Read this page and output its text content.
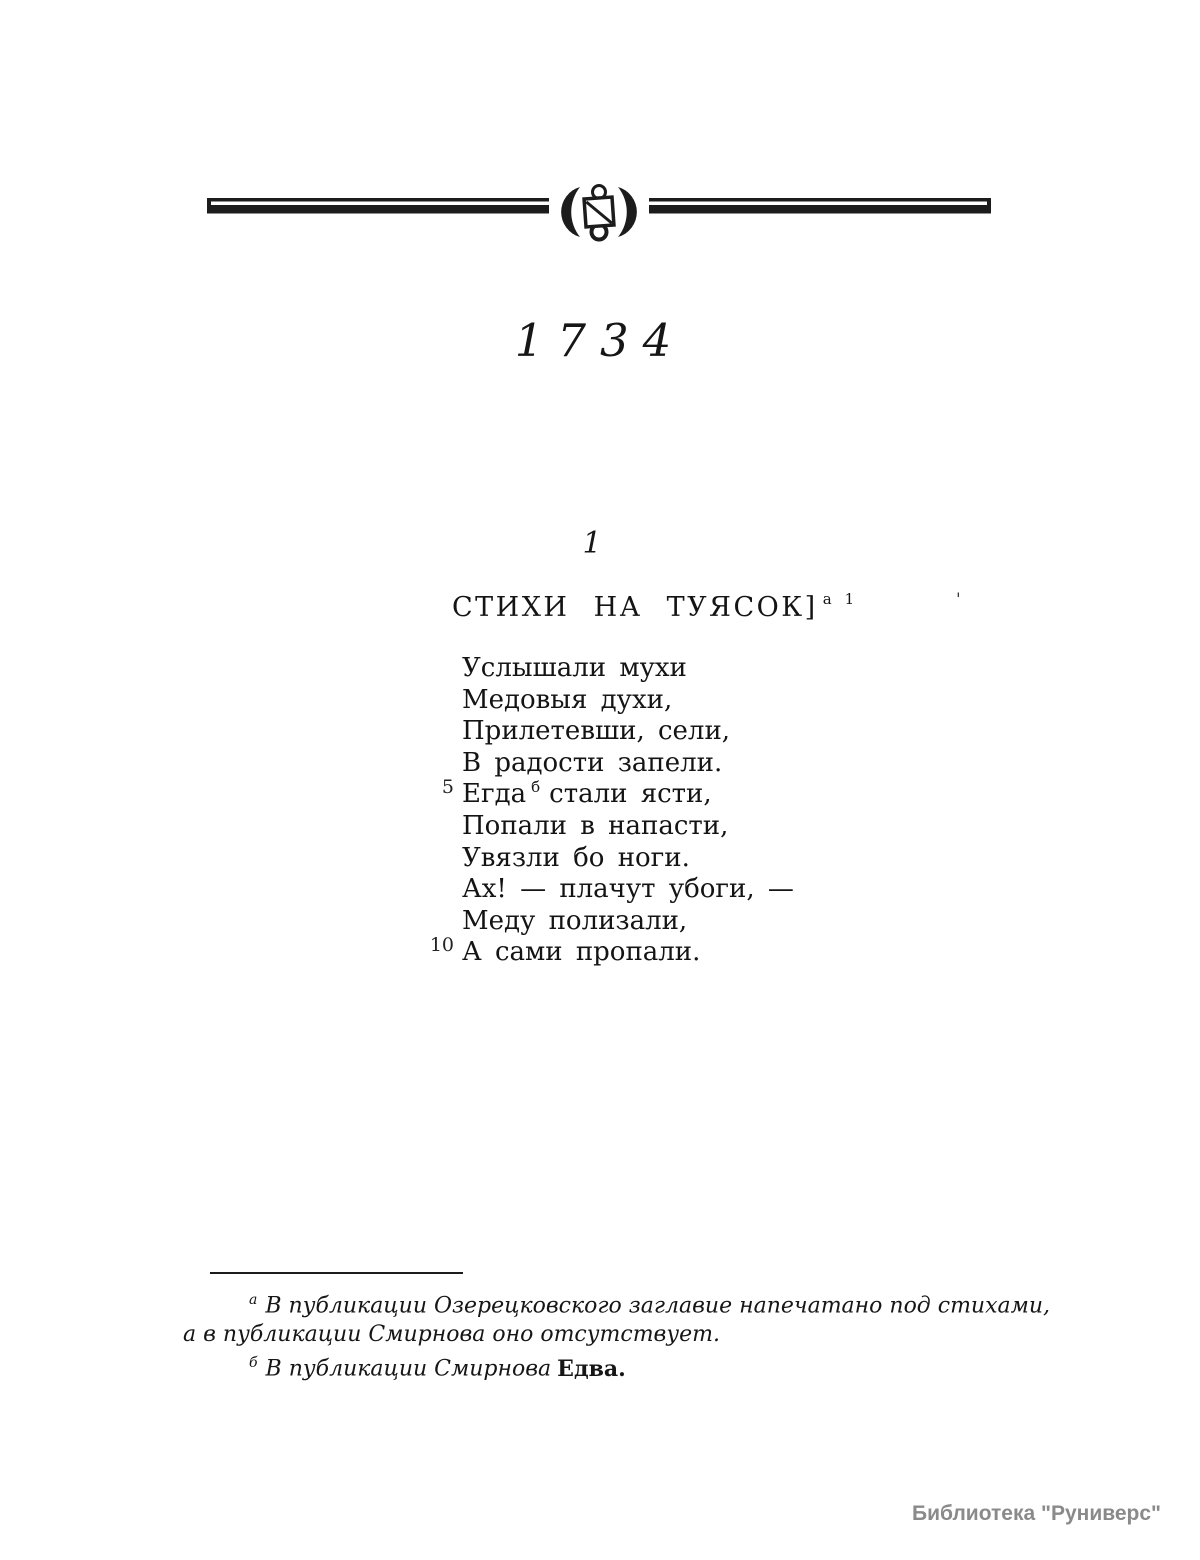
1734
1
СТИХИ НА ТУЯСОК] $^а$ $^1$	'
Услышали мухи
Медовыя духи,
Прилетевши, сели,
В радости запели.
5 Егда $^б$ стали ясти,
Попали в напасти,
Увязли бо ноги.
Ах! — плачут убоги, —
Меду полизали,
10 А сами пропали.
$^а$ В публикации Озерецковского заглавие напечатано под стихами,
а в публикации Смирнова оно отсутствует.
$^б$ В публикации Смирнова Едва.
Библиотека "Руниверс"
